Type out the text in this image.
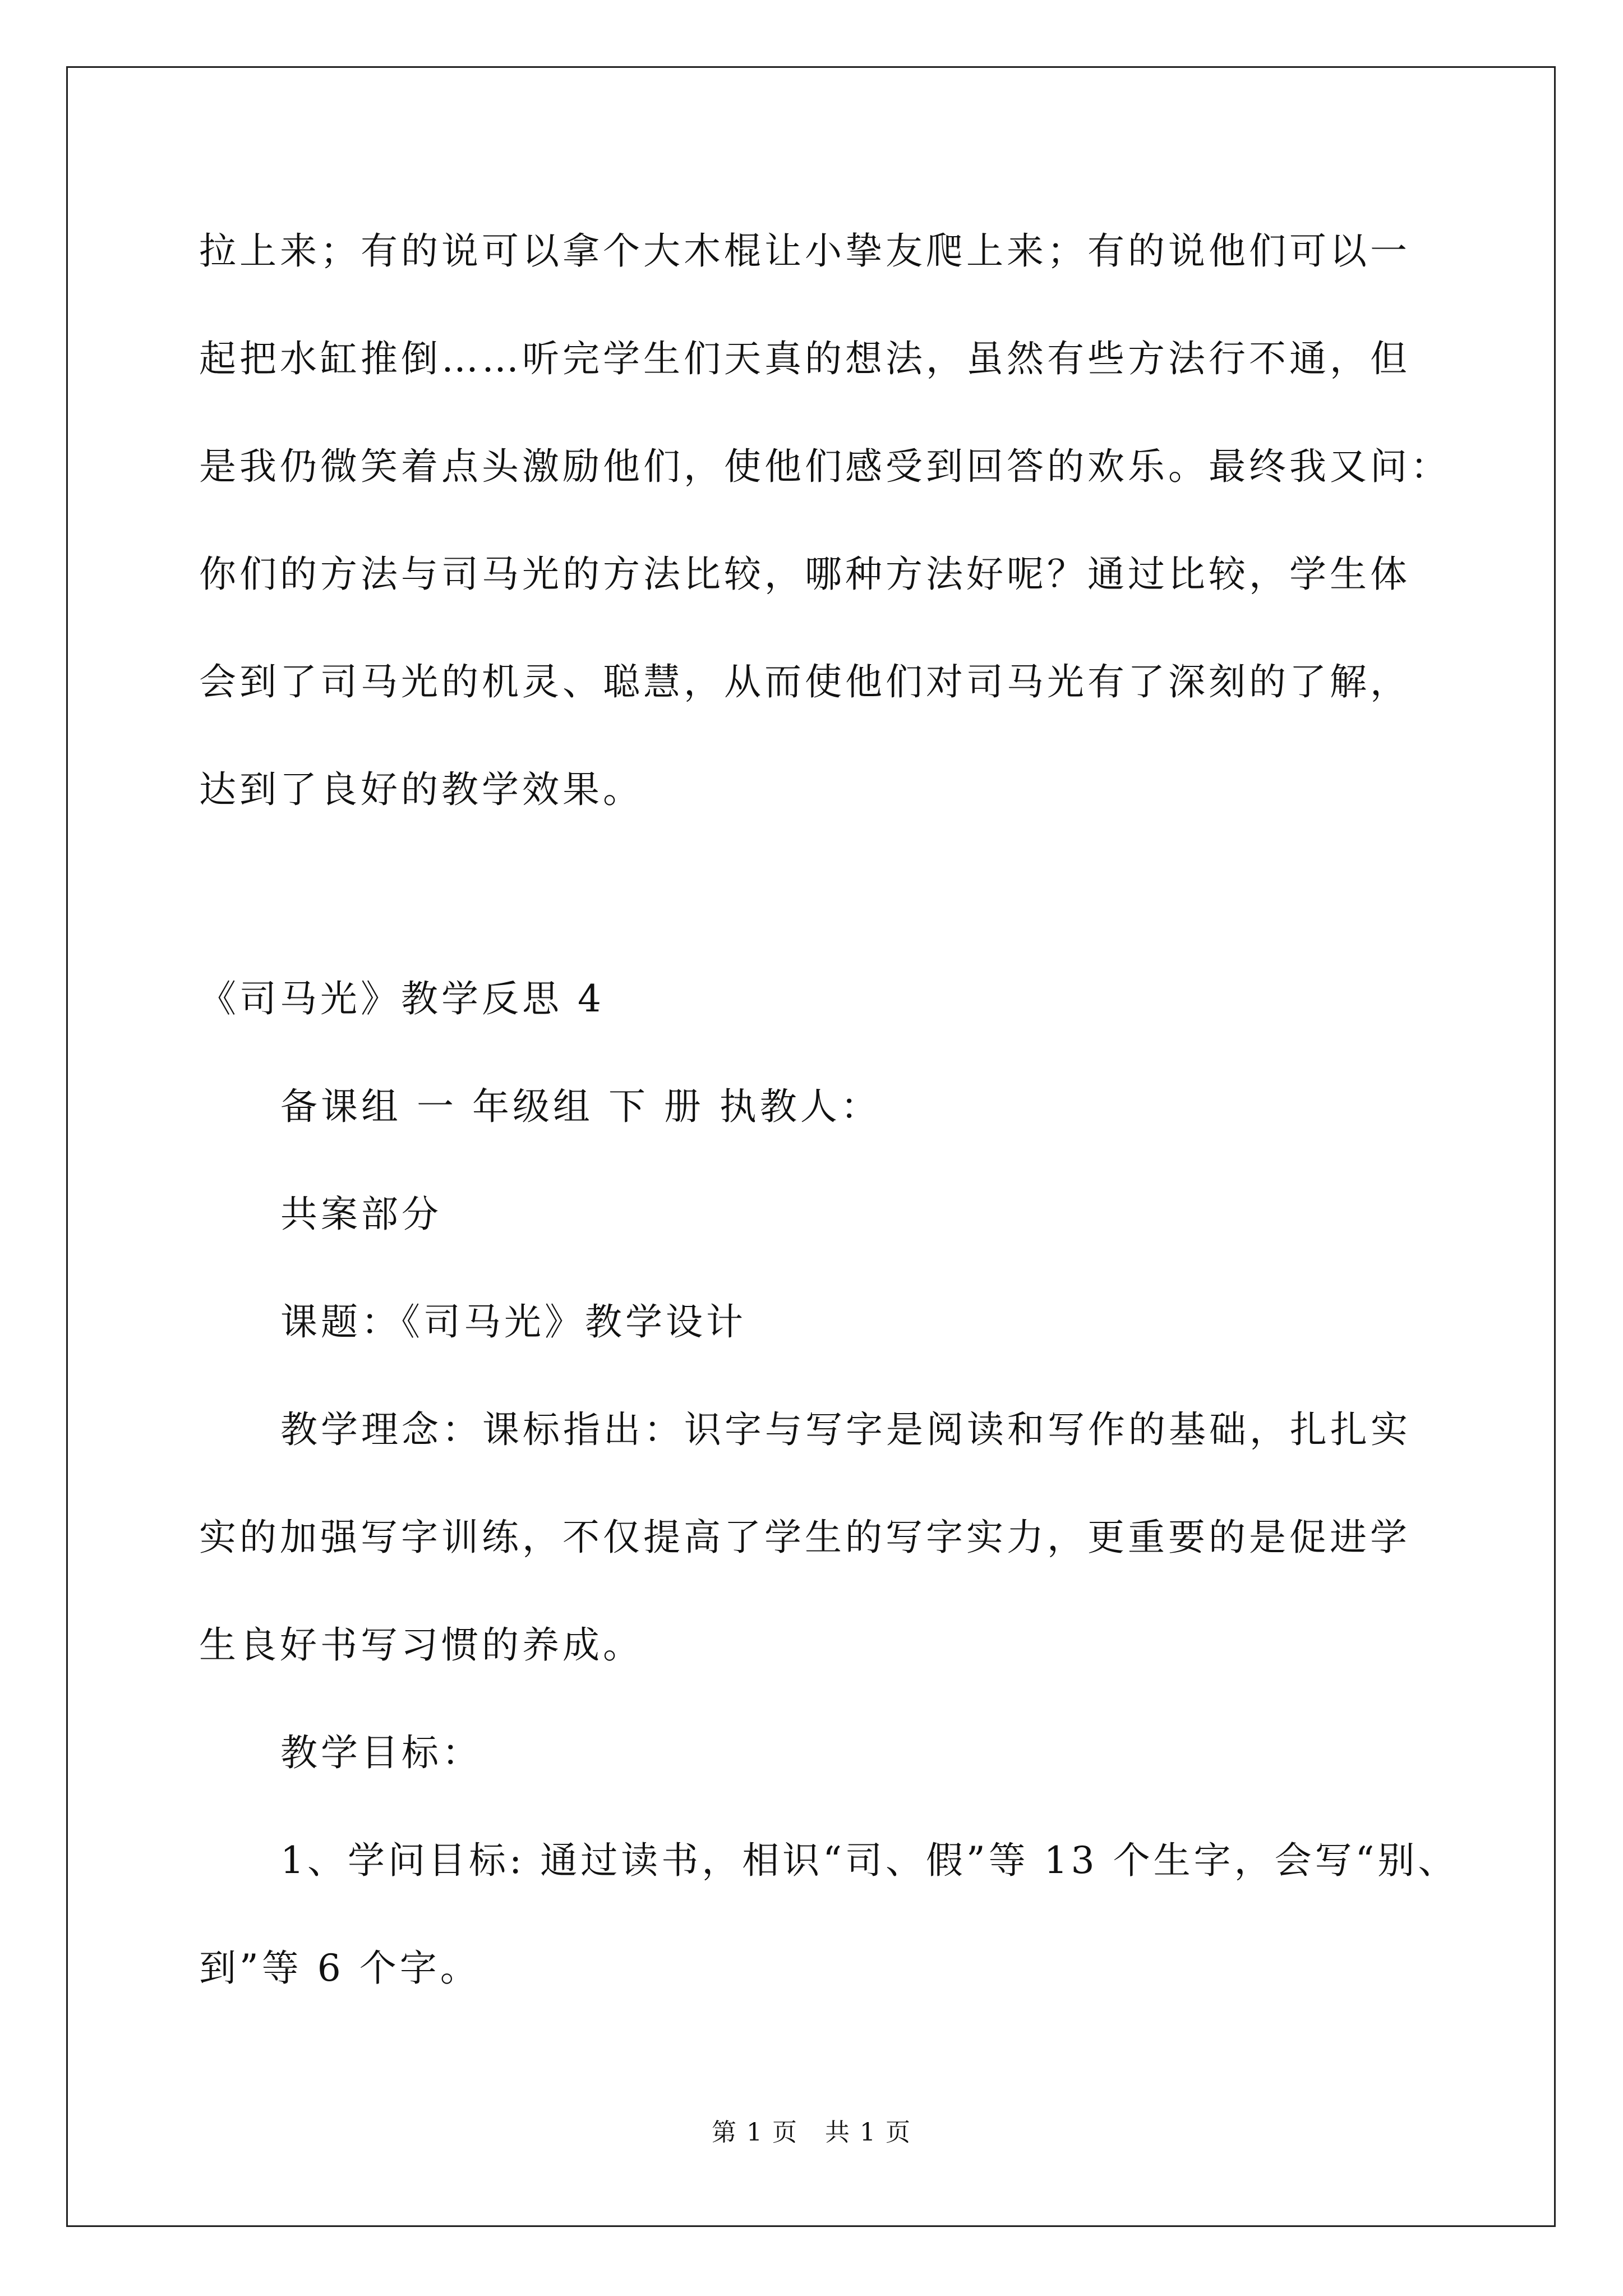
拉上来；有的说可以拿个大木棍让小挚友爬上来；有的说他们可以一
起把水缸推倒……听完学生们天真的想法，虽然有些方法行不通，但
是我仍微笑着点头激励他们，使他们感受到回答的欢乐。最终我又问：
你们的方法与司马光的方法比较，哪种方法好呢？通过比较，学生体
会到了司马光的机灵、聪慧，从而使他们对司马光有了深刻的了解，
达到了良好的教学效果。
《司马光》教学反思 4
备课组 一 年级组 下 册 执教人：
共案部分
课题：《司马光》教学设计
教学理念：课标指出：识字与写字是阅读和写作的基础，扎扎实
实的加强写字训练，不仅提高了学生的写字实力，更重要的是促进学
生良好书写习惯的养成。
教学目标：
1、学问目标: 通过读书，相识“司、假”等 13 个生字，会写“别、
到”等 6 个字。
第 1 页 共 1 页
